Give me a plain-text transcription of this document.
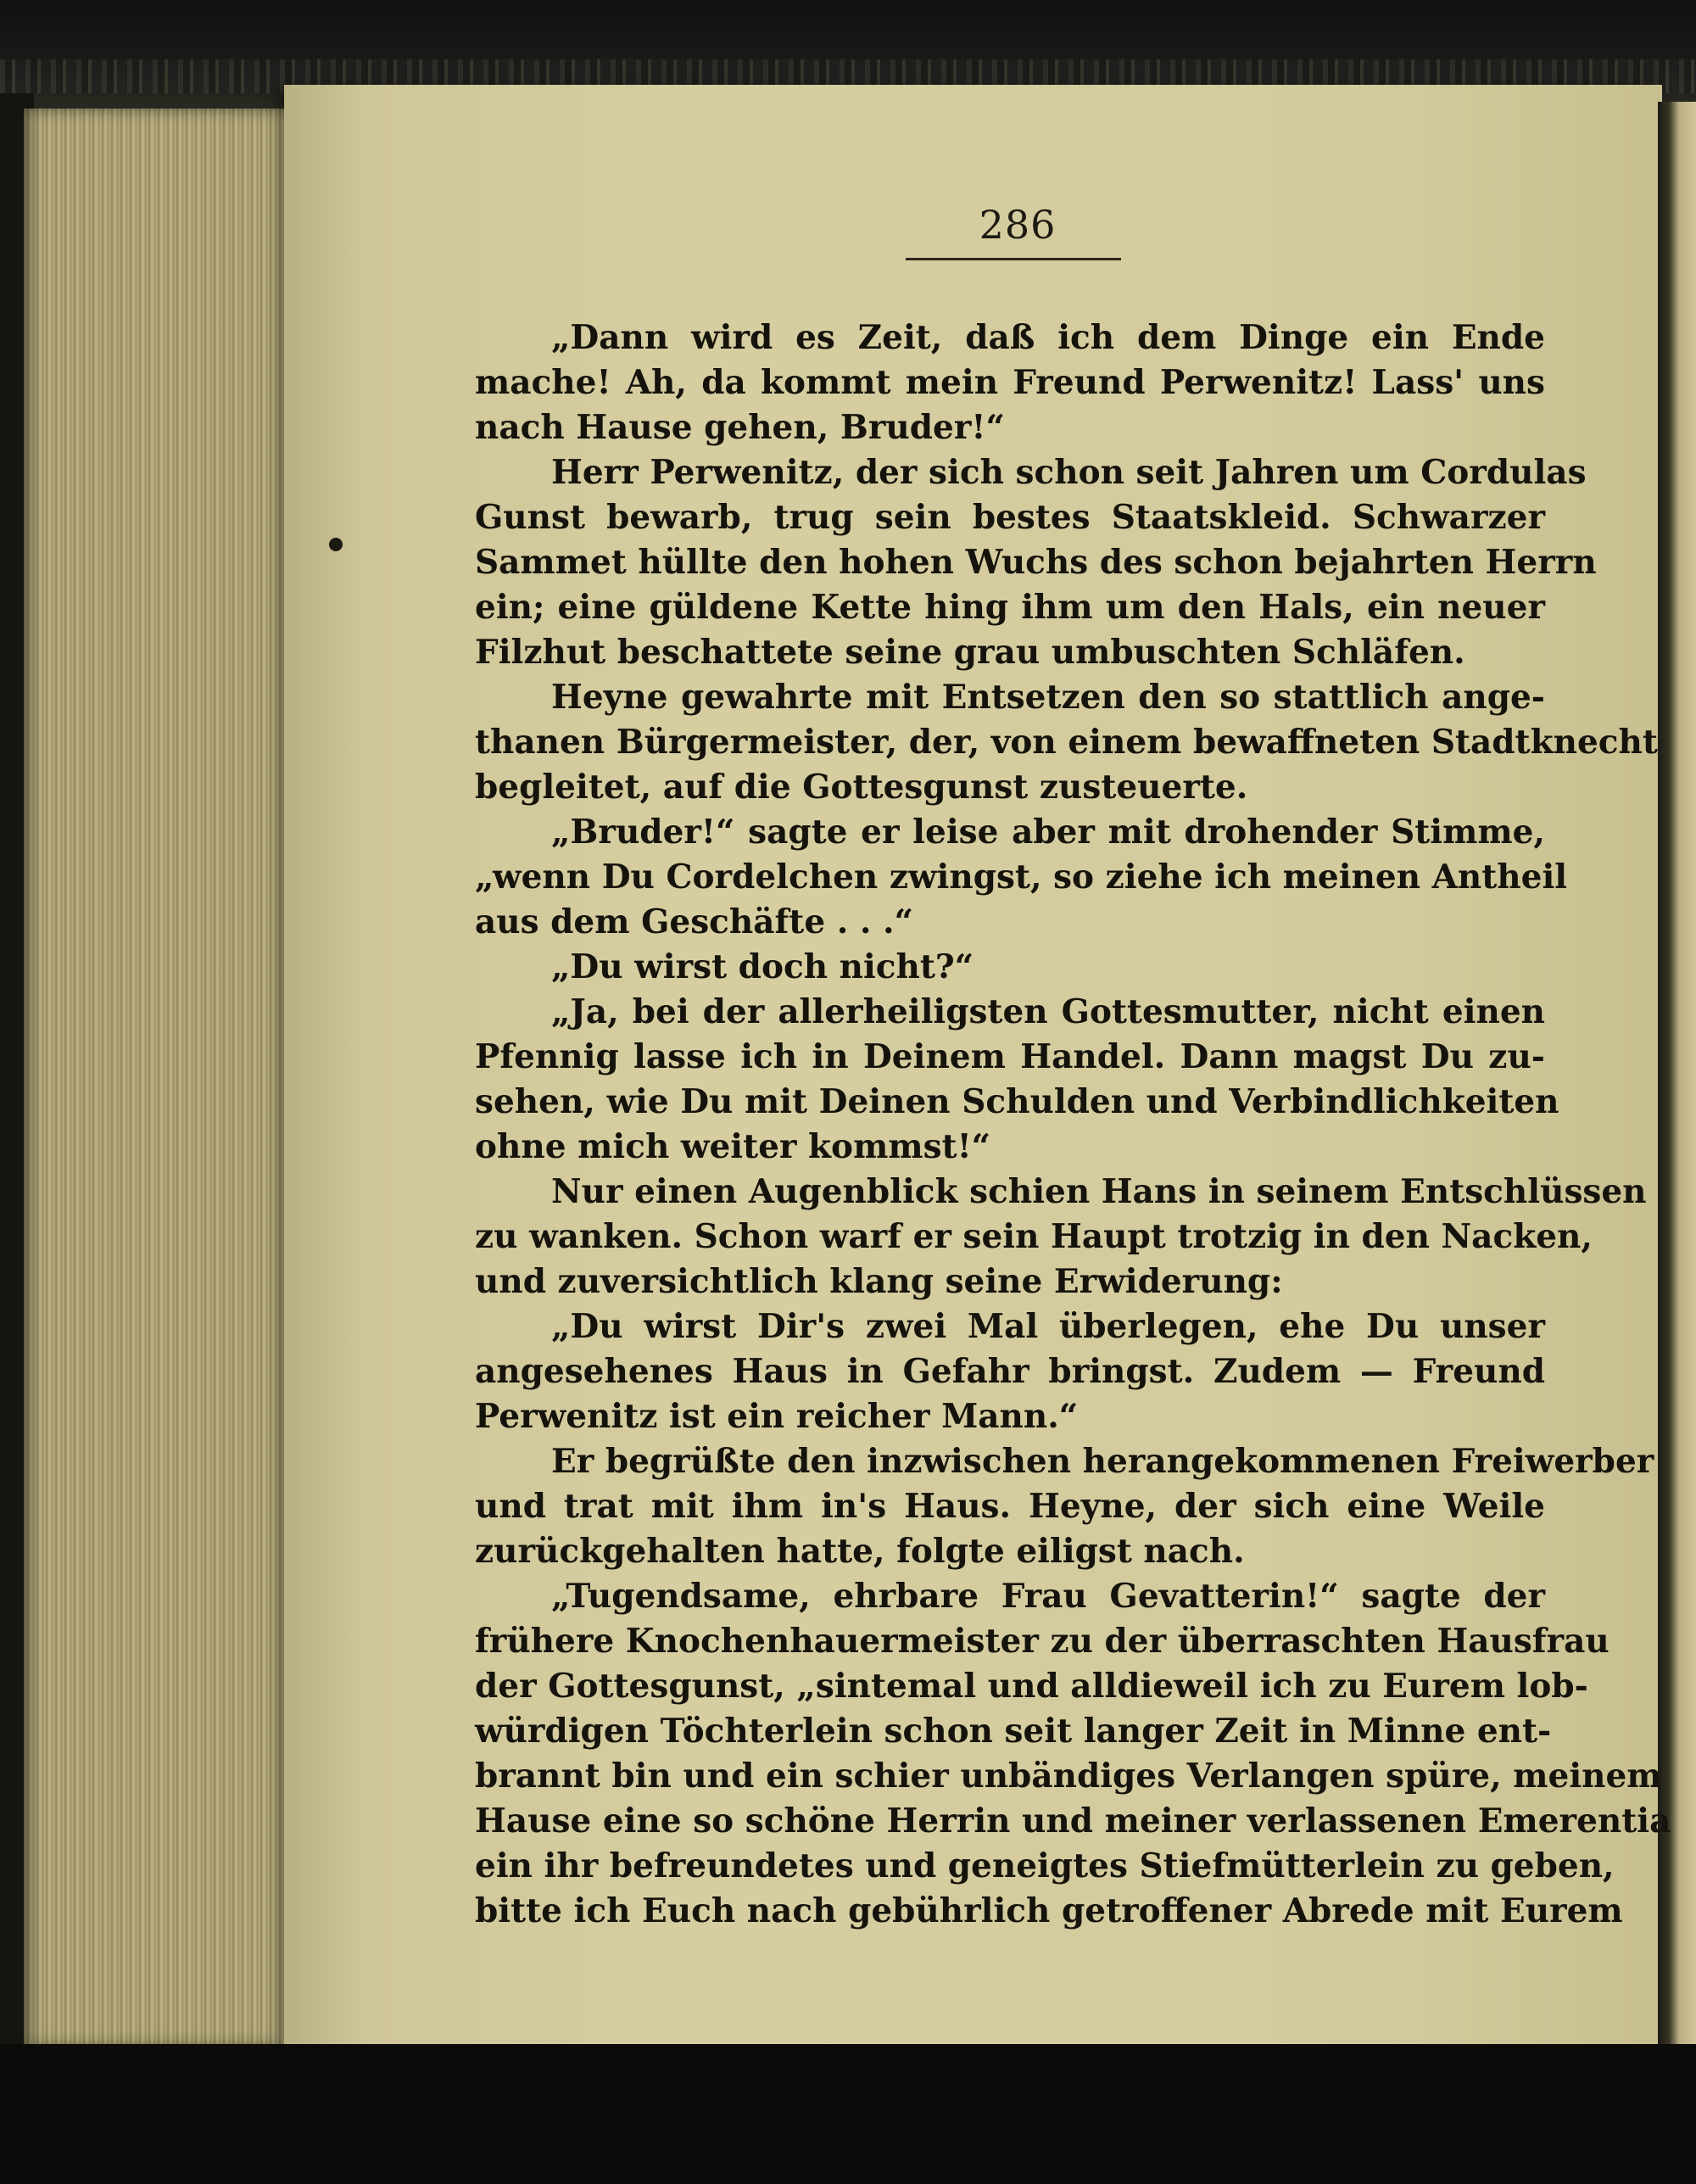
286
„Dann wird es Zeit, daß ich dem Dinge ein Ende
mache! Ah, da kommt mein Freund Perwenitz! Lass' uns
nach Hause gehen, Bruder!“
Herr Perwenitz, der sich schon seit Jahren um Cordulas
Gunst bewarb, trug sein bestes Staatskleid. Schwarzer
Sammet hüllte den hohen Wuchs des schon bejahrten Herrn
ein; eine güldene Kette hing ihm um den Hals, ein neuer
Filzhut beschattete seine grau umbuschten Schläfen.
Heyne gewahrte mit Entsetzen den so stattlich ange-
thanen Bürgermeister, der, von einem bewaffneten Stadtknecht
begleitet, auf die Gottesgunst zusteuerte.
„Bruder!“ sagte er leise aber mit drohender Stimme,
„wenn Du Cordelchen zwingst, so ziehe ich meinen Antheil
aus dem Geschäfte . . .“
„Du wirst doch nicht?“
„Ja, bei der allerheiligsten Gottesmutter, nicht einen
Pfennig lasse ich in Deinem Handel. Dann magst Du zu-
sehen, wie Du mit Deinen Schulden und Verbindlichkeiten
ohne mich weiter kommst!“
Nur einen Augenblick schien Hans in seinem Entschlüssen
zu wanken. Schon warf er sein Haupt trotzig in den Nacken,
und zuversichtlich klang seine Erwiderung:
„Du wirst Dir's zwei Mal überlegen, ehe Du unser
angesehenes Haus in Gefahr bringst. Zudem — Freund
Perwenitz ist ein reicher Mann.“
Er begrüßte den inzwischen herangekommenen Freiwerber
und trat mit ihm in's Haus. Heyne, der sich eine Weile
zurückgehalten hatte, folgte eiligst nach.
„Tugendsame, ehrbare Frau Gevatterin!“ sagte der
frühere Knochenhauermeister zu der überraschten Hausfrau
der Gottesgunst, „sintemal und alldieweil ich zu Eurem lob-
würdigen Töchterlein schon seit langer Zeit in Minne ent-
brannt bin und ein schier unbändiges Verlangen spüre, meinem
Hause eine so schöne Herrin und meiner verlassenen Emerentia
ein ihr befreundetes und geneigtes Stiefmütterlein zu geben,
bitte ich Euch nach gebührlich getroffener Abrede mit Eurem
